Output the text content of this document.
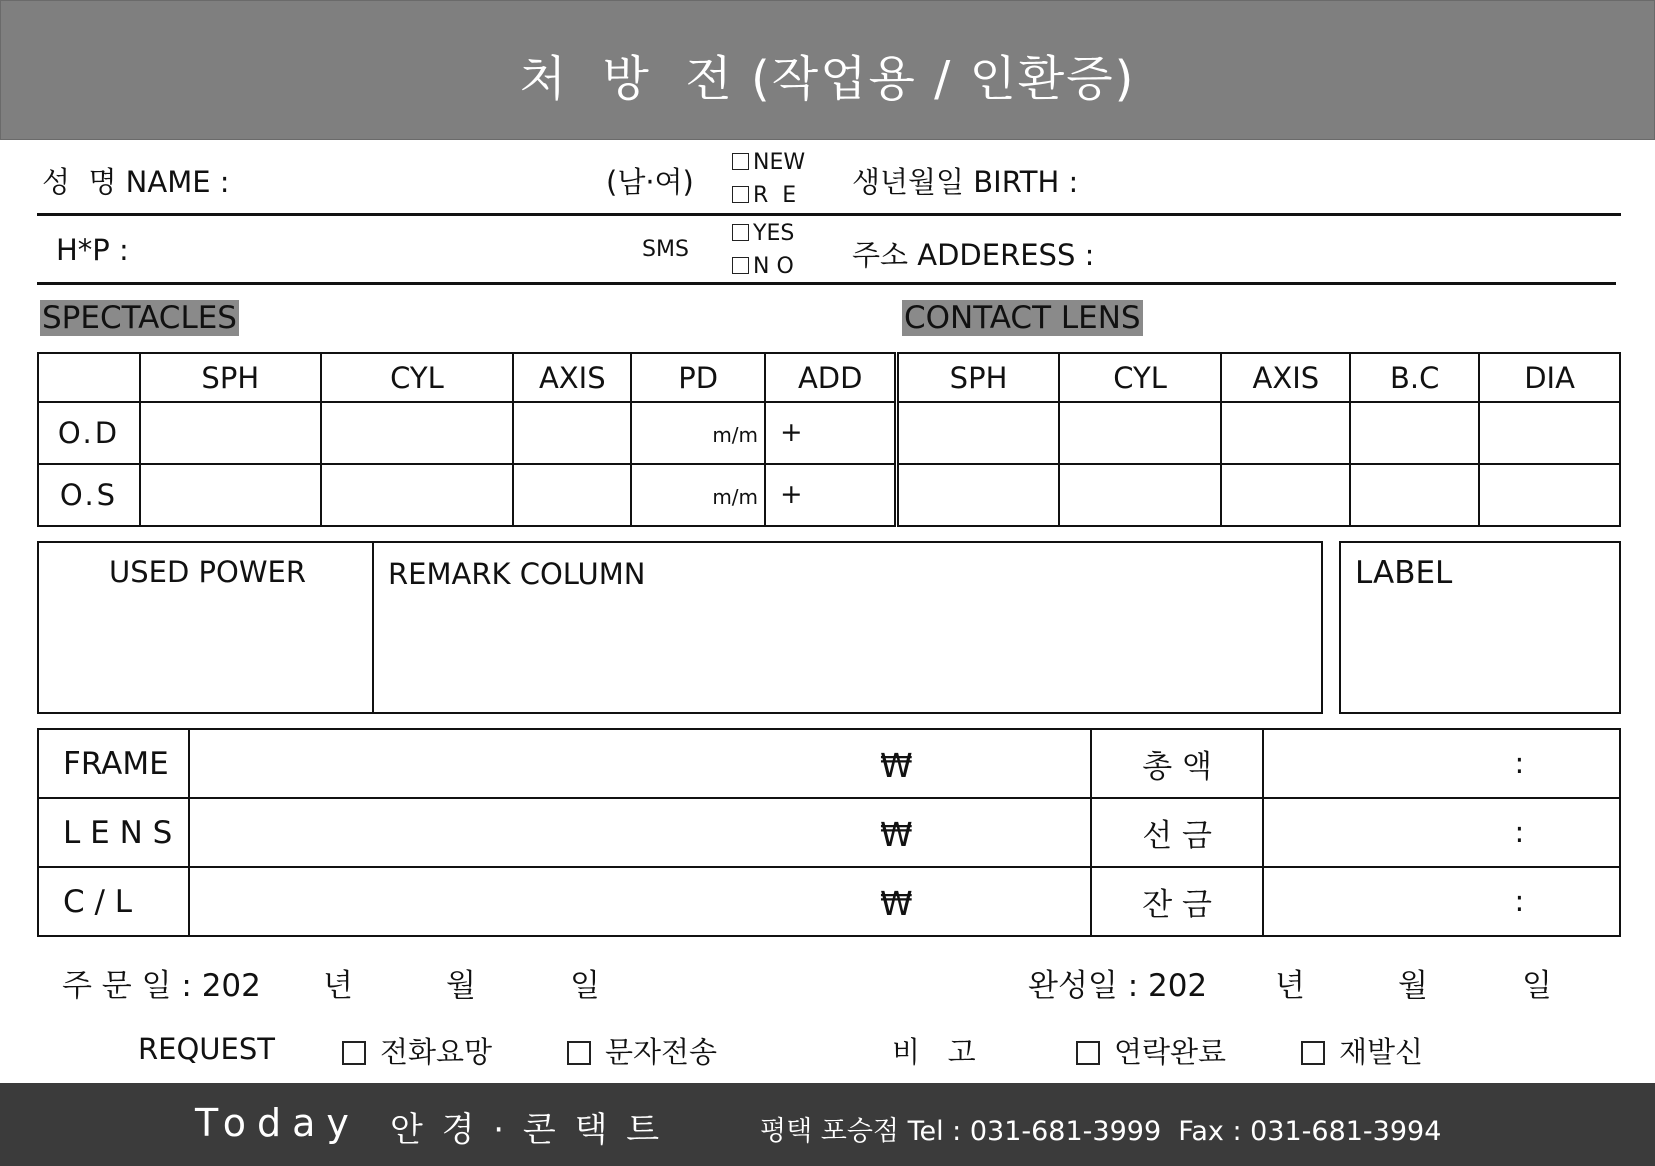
처  방  전 (작업용 / 인환증)
성  명 NAME :	(남·여)
NEW
R  E 생년월일 BIRTH :
H*P :	SMS
YES
N O 주소 ADDERESS :
SPECTACLES	CONTACT LENS
	SPH	CYL	AXIS	PD	ADD	SPH	CYL	AXIS	B.C	DIA
O.D				m/m	+					

O.S				m/m	+					

USED POWER	REMARK COLUMN	LABEL
FRAME	₩	총 액	:

L E N S	₩	선 금	:

C / L	₩	잔 금	:
주 문 일 : 202 년	월	일	완성일 : 202 년	월	일
REQUEST	전화요망	문자전송	비   고	연락완료	재발신
Today 안 경 · 콘 택 트	평택 포승점 Tel : 031-681-3999  Fax : 031-681-3994
